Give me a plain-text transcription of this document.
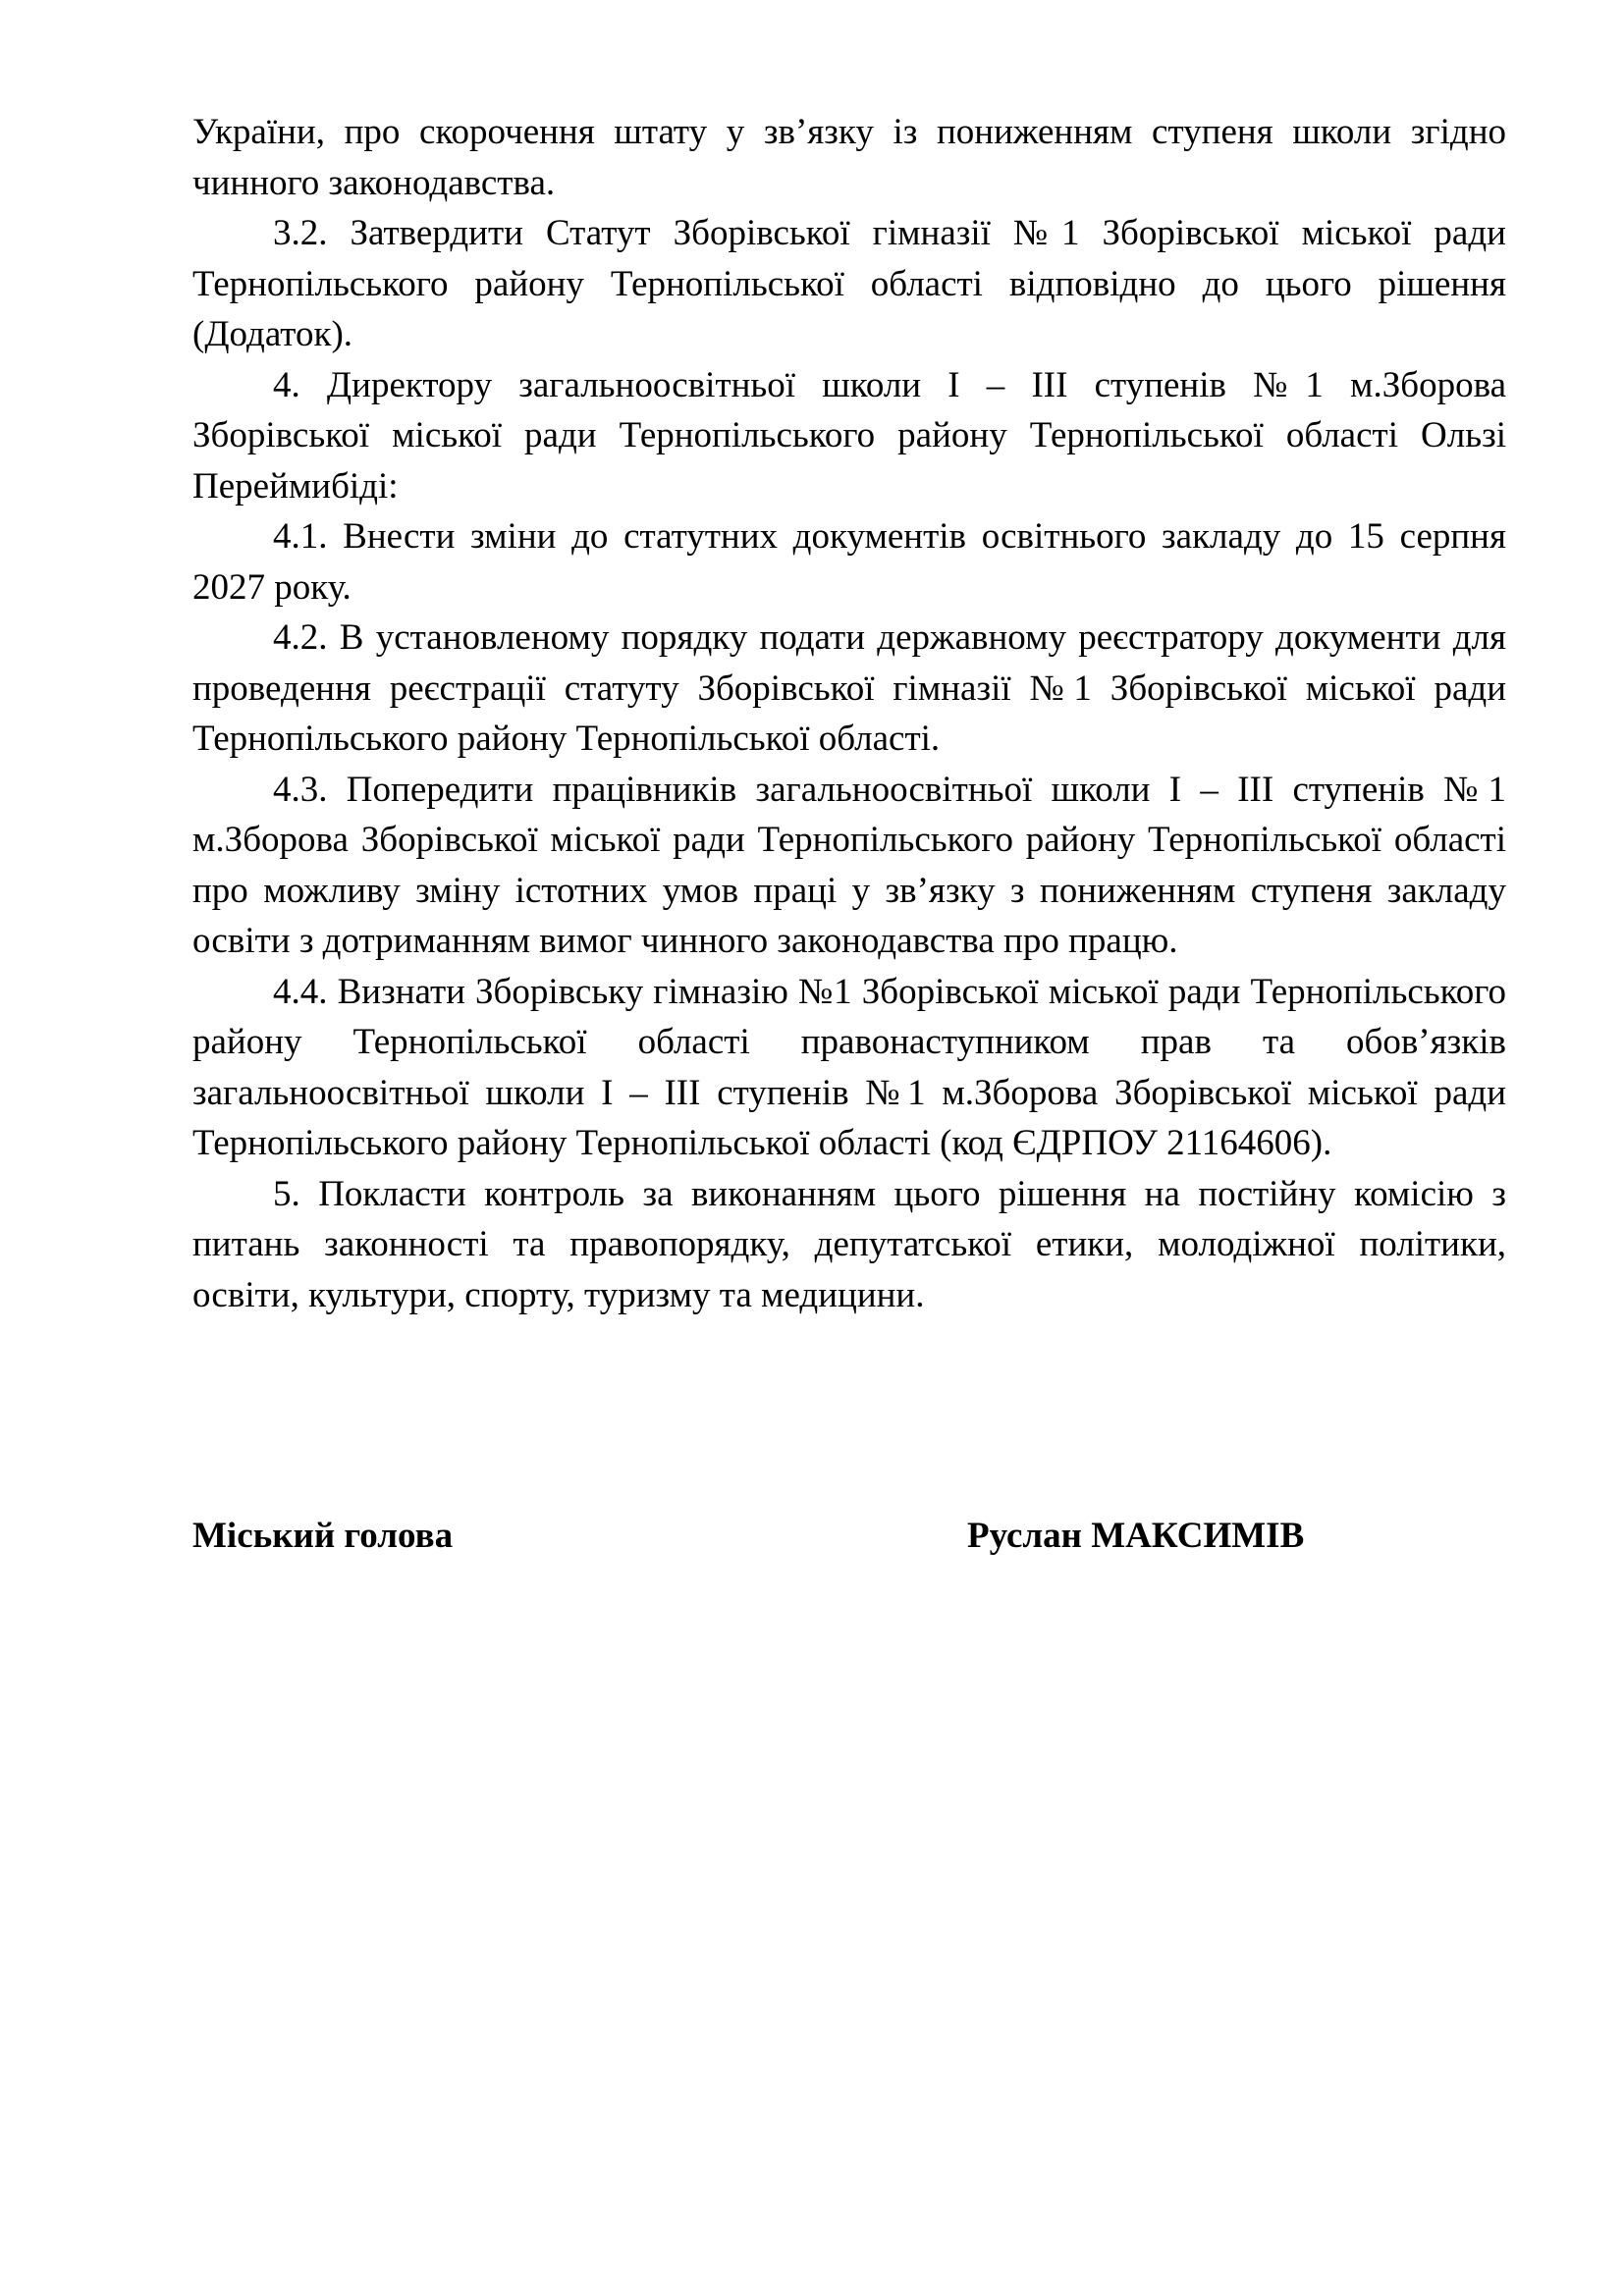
України, про скорочення штату у зв’язку із пониженням ступеня школи згідно чинного законодавства.

3.2. Затвердити Статут Зборівської гімназії №1 Зборівської міської ради Тернопільського району Тернопільської області відповідно до цього рішення (Додаток).

4. Директору загальноосвітньої школи І – ІІІ ступенів №1 м.Зборова Зборівської міської ради Тернопільського району Тернопільської області Ользі Переймибіді:

4.1. Внести зміни до статутних документів освітнього закладу до 15 серпня 2027 року.

4.2. В установленому порядку подати державному реєстратору документи для проведення реєстрації статуту Зборівської гімназії №1 Зборівської міської ради Тернопільського району Тернопільської області.

4.3. Попередити працівників загальноосвітньої школи І – ІІІ ступенів №1 м.Зборова Зборівської міської ради Тернопільського району Тернопільської області про можливу зміну істотних умов праці у зв’язку з пониженням ступеня закладу освіти з дотриманням вимог чинного законодавства про працю.

4.4. Визнати Зборівську гімназію №1 Зборівської міської ради Тернопільського району Тернопільської області правонаступником прав та обов’язків загальноосвітньої школи І – ІІІ ступенів №1 м.Зборова Зборівської міської ради Тернопільського району Тернопільської області (код ЄДРПОУ 21164606).

5. Покласти контроль за виконанням цього рішення на постійну комісію з питань законності та правопорядку, депутатської етики, молодіжної політики, освіти, культури, спорту, туризму та медицини.

Міський голова	Руслан МАКСИМІВ
